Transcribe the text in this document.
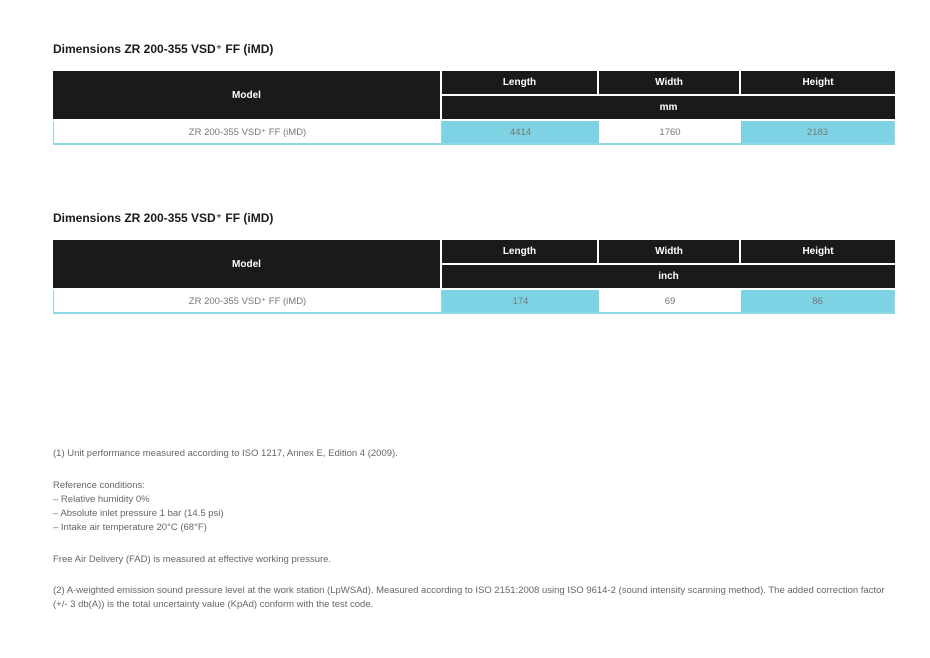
Dimensions ZR 200-355 VSD⁺ FF (iMD)
Model	Length	Width	Height
	mm		
ZR 200-355 VSD⁺ FF (iMD)	4414	1760	2183
Dimensions ZR 200-355 VSD⁺ FF (iMD)
Model	Length	Width	Height
	inch		
ZR 200-355 VSD⁺ FF (iMD)	174	69	86

(1) Unit performance measured according to ISO 1217, Annex E, Edition 4 (2009).

Reference conditions:

– Relative humidity 0%

– Absolute inlet pressure 1 bar (14.5 psi)

– Intake air temperature 20°C (68°F)

Free Air Delivery (FAD) is measured at effective working pressure.

(2) A-weighted emission sound pressure level at the work station (LpWSAd). Measured according to ISO 2151:2008 using ISO 9614-2 (sound intensity scanning method). The added correction factor (+/- 3 db(A)) is the total uncertainty value (KpAd) conform with the test code.
